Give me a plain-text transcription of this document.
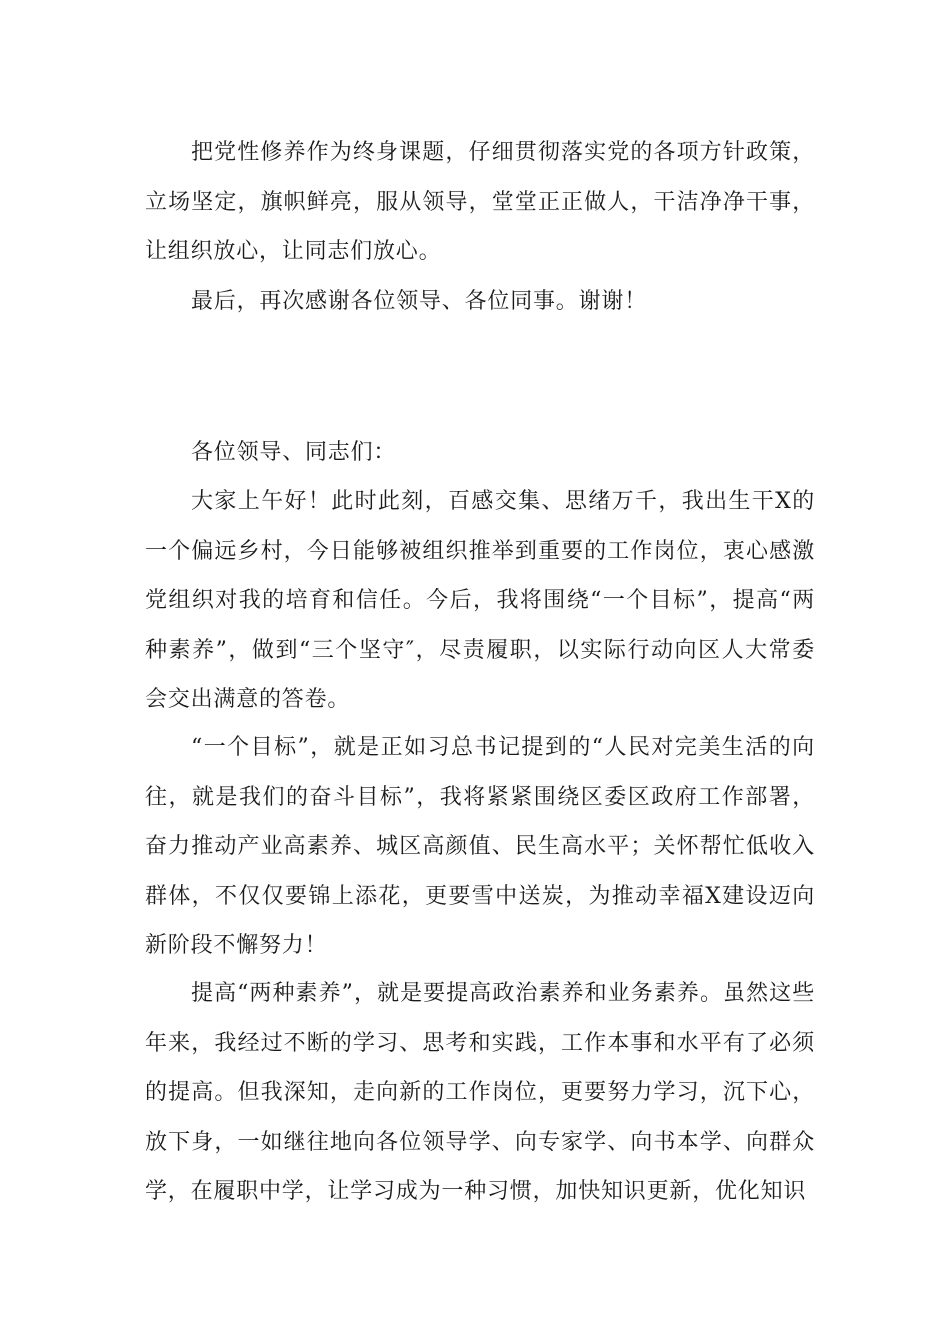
把党性修养作为终身课题，仔细贯彻落实党的各项方针政策，立场坚定，旗帜鲜亮，服从领导，堂堂正正做人，干洁净净干事，让组织放心，让同志们放心。

最后，再次感谢各位领导、各位同事。谢谢！

各位领导、同志们：

大家上午好！此时此刻，百感交集、思绪万千，我出生干X的一个偏远乡村，今日能够被组织推举到重要的工作岗位，衷心感激党组织对我的培育和信任。今后，我将围绕“一个目标”，提高“两种素养”，做到“三个坚守″，尽责履职，以实际行动向区人大常委会交出满意的答卷。

“一个目标”，就是正如习总书记提到的“人民对完美生活的向往，就是我们的奋斗目标”，我将紧紧围绕区委区政府工作部署，奋力推动产业高素养、城区高颜值、民生高水平；关怀帮忙低收入群体，不仅仅要锦上添花，更要雪中送炭，为推动幸福X建设迈向新阶段不懈努力！

提高“两种素养”，就是要提高政治素养和业务素养。虽然这些年来，我经过不断的学习、思考和实践，工作本事和水平有了必须的提高。但我深知，走向新的工作岗位，更要努力学习，沉下心，放下身，一如继往地向各位领导学、向专家学、向书本学、向群众学，在履职中学，让学习成为一种习惯，加快知识更新，优化知识
